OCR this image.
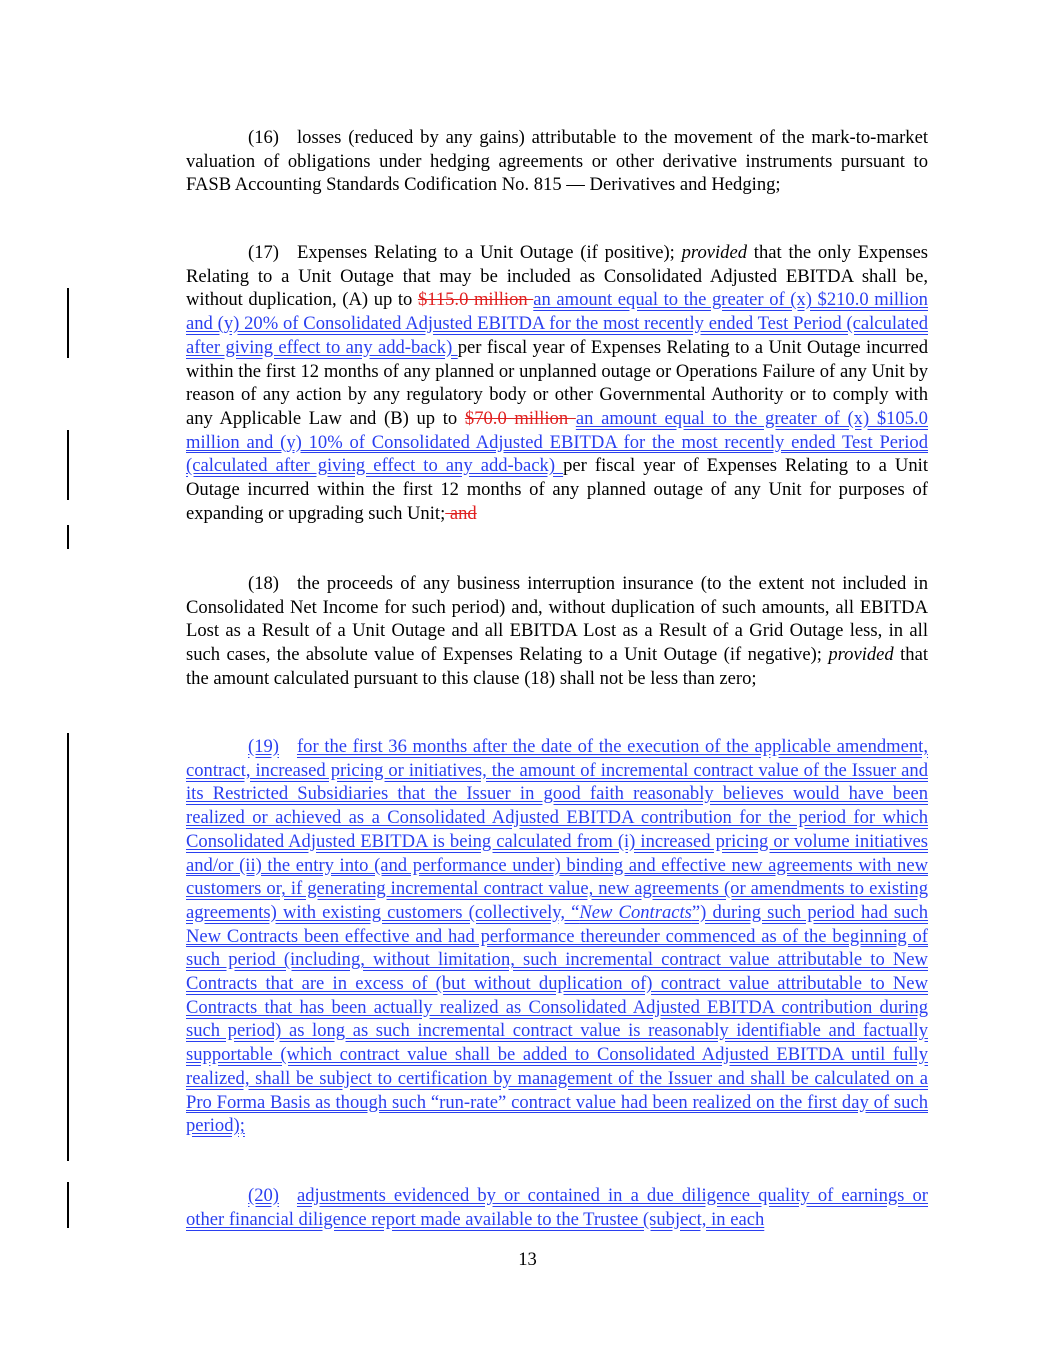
(16) losses (reduced by any gains) attributable to the movement of the mark-to-market valuation of obligations under hedging agreements or other derivative instruments pursuant to FASB Accounting Standards Codification No. 815 — Derivatives and Hedging;
(17) Expenses Relating to a Unit Outage (if positive); provided that the only Expenses Relating to a Unit Outage that may be included as Consolidated Adjusted EBITDA shall be, without duplication, (A) up to $115.0 million an amount equal to the greater of (x) $210.0 million and (y) 20% of Consolidated Adjusted EBITDA for the most recently ended Test Period (calculated after giving effect to any add-back) per fiscal year of Expenses Relating to a Unit Outage incurred within the first 12 months of any planned or unplanned outage or Operations Failure of any Unit by reason of any action by any regulatory body or other Governmental Authority or to comply with any Applicable Law and (B) up to $70.0 million an amount equal to the greater of (x) $105.0 million and (y) 10% of Consolidated Adjusted EBITDA for the most recently ended Test Period (calculated after giving effect to any add-back) per fiscal year of Expenses Relating to a Unit Outage incurred within the first 12 months of any planned outage of any Unit for purposes of expanding or upgrading such Unit; and
(18) the proceeds of any business interruption insurance (to the extent not included in Consolidated Net Income for such period) and, without duplication of such amounts, all EBITDA Lost as a Result of a Unit Outage and all EBITDA Lost as a Result of a Grid Outage less, in all such cases, the absolute value of Expenses Relating to a Unit Outage (if negative); provided that the amount calculated pursuant to this clause (18) shall not be less than zero;
(19) for the first 36 months after the date of the execution of the applicable amendment, contract, increased pricing or initiatives, the amount of incremental contract value of the Issuer and its Restricted Subsidiaries that the Issuer in good faith reasonably believes would have been realized or achieved as a Consolidated Adjusted EBITDA contribution for the period for which Consolidated Adjusted EBITDA is being calculated from (i) increased pricing or volume initiatives and/or (ii) the entry into (and performance under) binding and effective new agreements with new customers or, if generating incremental contract value, new agreements (or amendments to existing agreements) with existing customers (collectively, “New Contracts”) during such period had such New Contracts been effective and had performance thereunder commenced as of the beginning of such period (including, without limitation, such incremental contract value attributable to New Contracts that are in excess of (but without duplication of) contract value attributable to New Contracts that has been actually realized as Consolidated Adjusted EBITDA contribution during such period) as long as such incremental contract value is reasonably identifiable and factually supportable (which contract value shall be added to Consolidated Adjusted EBITDA until fully realized, shall be subject to certification by management of the Issuer and shall be calculated on a Pro Forma Basis as though such “run-rate” contract value had been realized on the first day of such period);
(20) adjustments evidenced by or contained in a due diligence quality of earnings or other financial diligence report made available to the Trustee (subject, in each
13
